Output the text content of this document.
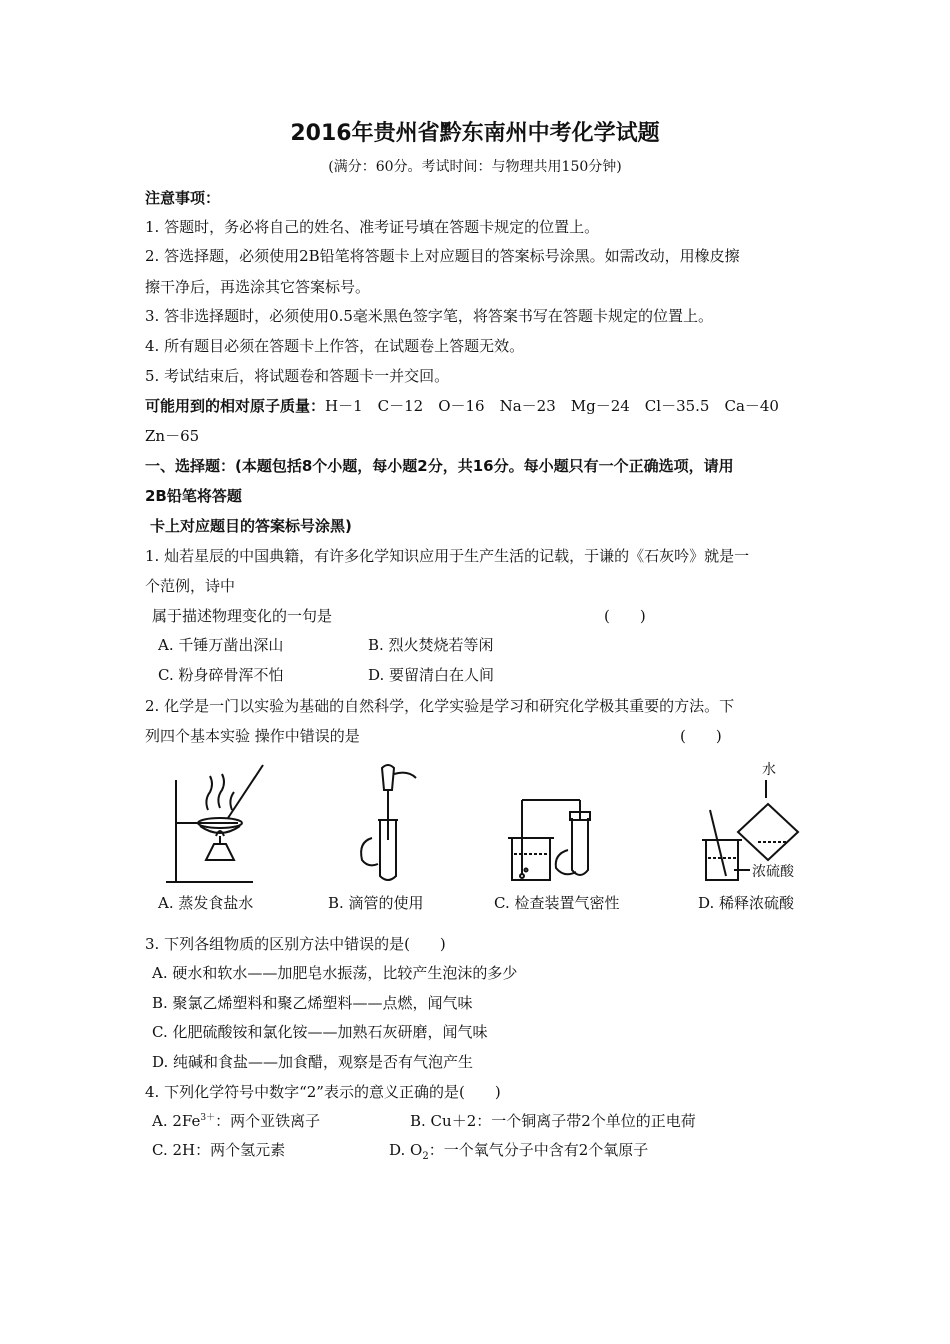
2016年贵州省黔东南州中考化学试题
(满分：60分。考试时间：与物理共用150分钟)
注意事项：
1. 答题时，务必将自己的姓名、准考证号填在答题卡规定的位置上。
2. 答选择题，必须使用2B铅笔将答题卡上对应题目的答案标号涂黑。如需改动，用橡皮擦
擦干净后，再选涂其它答案标号。
3. 答非选择题时，必须使用0.5毫米黑色签字笔，将答案书写在答题卡规定的位置上。
4. 所有题目必须在答题卡上作答，在试题卷上答题无效。
5. 考试结束后，将试题卷和答题卡一并交回。
可能用到的相对原子质量：H－1　C－12　O－16　Na－23　Mg－24　Cl－35.5　Ca－40
Zn－65
一、选择题：(本题包括8个小题，每小题2分，共16分。每小题只有一个正确选项，请用
2B铅笔将答题
卡上对应题目的答案标号涂黑)
1. 灿若星辰的中国典籍，有许多化学知识应用于生产生活的记载，于谦的《石灰吟》就是一
个范例，诗中
属于描述物理变化的一句是	(　　)
A. 千锤万凿出深山	B. 烈火焚烧若等闲
C. 粉身碎骨浑不怕	D. 要留清白在人间
2. 化学是一门以实验为基础的自然科学，化学实验是学习和研究化学极其重要的方法。下
列四个基本实验 操作中错误的是	(　　)
A. 蒸发食盐水	B. 滴管的使用	C. 检查装置气密性
水
浓硫酸
D. 稀释浓硫酸
3. 下列各组物质的区别方法中错误的是(　　)
A. 硬水和软水——加肥皂水振荡，比较产生泡沫的多少
B. 聚氯乙烯塑料和聚乙烯塑料——点燃，闻气味
C. 化肥硫酸铵和氯化铵——加熟石灰研磨，闻气味
D. 纯碱和食盐——加食醋，观察是否有气泡产生
4. 下列化学符号中数字“2”表示的意义正确的是(　　)
A. $2Fe^{3+}$：两个亚铁离子	B. Cu＋2：一个铜离子带2个单位的正电荷
C. 2H：两个氢元素	D. $O_2$：一个氧气分子中含有2个氧原子
